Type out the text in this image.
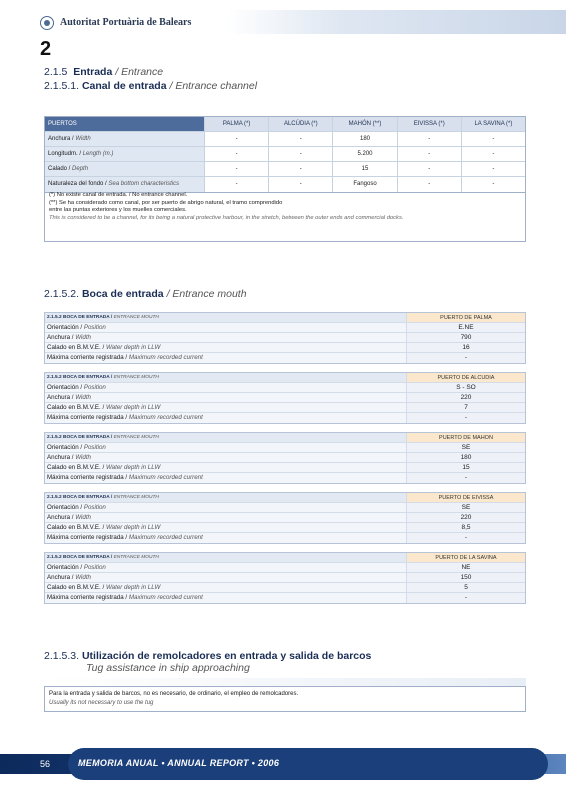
Autoritat Portuària de Balears
2
2.1.5 Entrada / Entrance
2.1.5.1. Canal de entrada / Entrance channel
PUERTOS	PALMA (*)	ALCÚDIA (*)	MAHÓN (**)	EIVISSA (*)	LA SAVINA (*)
Anchura / Width	-	-	180	-	-
Longitudm. / Length (m.)	-	-	5.200	-	-
Calado / Depth	-	-	15	-	-
Naturaleza del fondo / Sea bottom characteristics	-	-	Fangoso	-	-
(*) No existe canal de entrada. / No entrance channel.
(**) Se ha considerado como canal, por ser puerto de abrigo natural, el tramo comprendido
entre las puntas exteriores y los muelles comerciales.
This is considered to be a channel, for its being a natural protective harbour, in the stretch, between the outer ends and commercial docks.
2.1.5.2. Boca de entrada / Entrance mouth
2.1.5.2 BOCA DE ENTRADA / ENTRANCE MOUTH	PUERTO DE PALMA
Orientación / Position	E.NE
Anchura / Width	790
Calado en B.M.V.E. / Water depth in LLW	16
Máxima corriente registrada / Maximum recorded current	-
2.1.5.2 BOCA DE ENTRADA / ENTRANCE MOUTH	PUERTO DE ALCUDIA
Orientación / Position	S - SO
Anchura / Width	220
Calado en B.M.V.E. / Water depth in LLW	7
Máxima corriente registrada / Maximum recorded current	-
2.1.5.2 BOCA DE ENTRADA / ENTRANCE MOUTH	PUERTO DE MAHON
Orientación / Position	SE
Anchura / Width	180
Calado en B.M.V.E. / Water depth in LLW	15
Máxima corriente registrada / Maximum recorded current	-
2.1.5.2 BOCA DE ENTRADA / ENTRANCE MOUTH	PUERTO DE EIVISSA
Orientación / Position	SE
Anchura / Width	220
Calado en B.M.V.E. / Water depth in LLW	8,5
Máxima corriente registrada / Maximum recorded current	-
2.1.5.2 BOCA DE ENTRADA / ENTRANCE MOUTH	PUERTO DE LA SAVINA
Orientación / Position	NE
Anchura / Width	150
Calado en B.M.V.E. / Water depth in LLW	5
Máxima corriente registrada / Maximum recorded current	-
2.1.5.3. Utilización de remolcadores en entrada y salida de barcos
Tug assistance in ship approaching
Para la entrada y salida de barcos, no es necesario, de ordinario, el empleo de remolcadores.
Usually its not necessary to use the tug
56	MEMORIA ANUAL • ANNUAL REPORT • 2006
